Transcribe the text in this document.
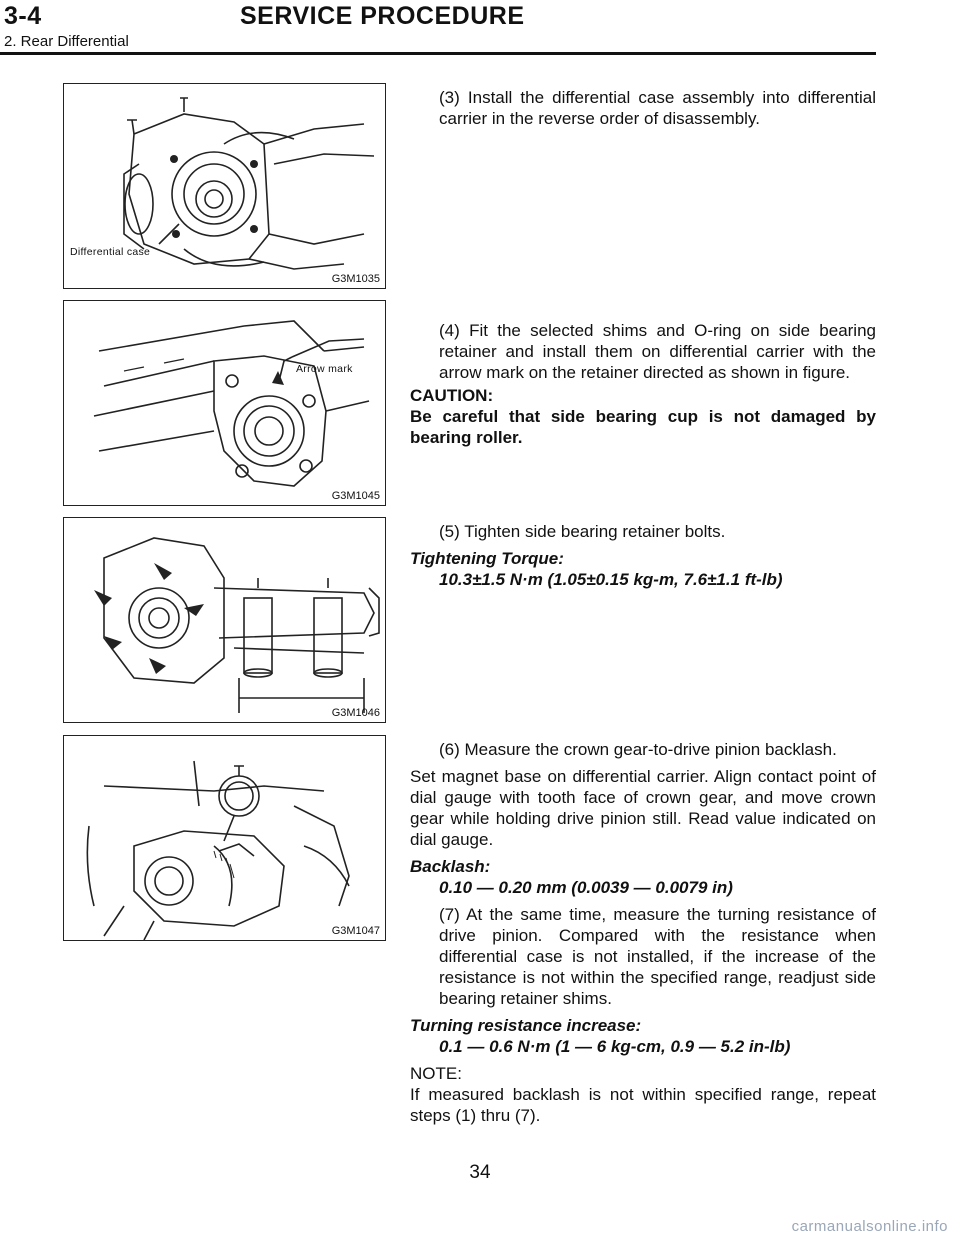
3-4	SERVICE PROCEDURE
2. Rear Differential
Differential case
G3M1035
Arrow mark
G3M1045
G3M1046
G3M1047

(3) Install the differential case assembly into differential carrier in the reverse order of disassembly.

(4) Fit the selected shims and O-ring on side bearing retainer and install them on differential carrier with the arrow mark on the retainer directed as shown in figure.

CAUTION:

Be careful that side bearing cup is not damaged by bearing roller.

(5) Tighten side bearing retainer bolts.

Tightening Torque:

10.3±1.5 N·m (1.05±0.15 kg-m, 7.6±1.1 ft-lb)

(6) Measure the crown gear-to-drive pinion backlash.

Set magnet base on differential carrier. Align contact point of dial gauge with tooth face of crown gear, and move crown gear while holding drive pinion still. Read value indicated on dial gauge.

Backlash:

0.10 — 0.20 mm (0.0039 — 0.0079 in)

(7) At the same time, measure the turning resistance of drive pinion. Compared with the resistance when differential case is not installed, if the increase of the resistance is not within the specified range, readjust side bearing retainer shims.

Turning resistance increase:

0.1 — 0.6 N·m (1 — 6 kg-cm, 0.9 — 5.2 in-lb)

NOTE:

If measured backlash is not within specified range, repeat steps (1) thru (7).

34
carmanualsonline.info
